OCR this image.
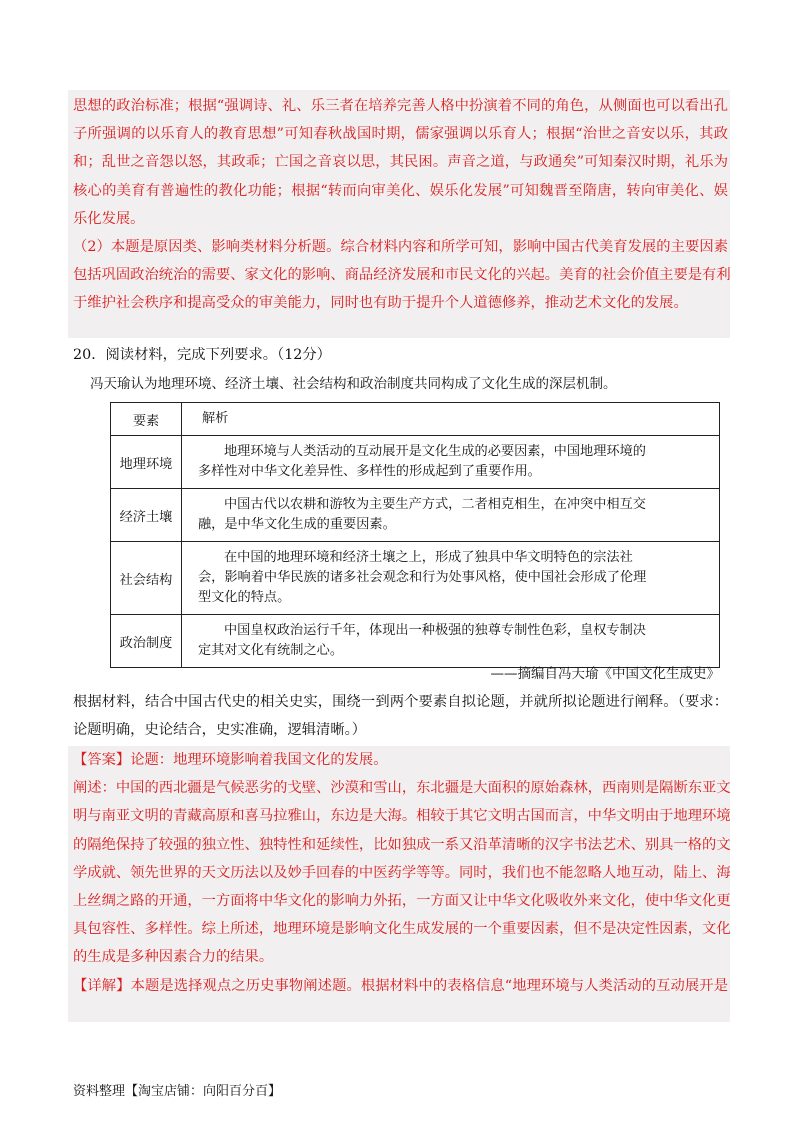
思想的政治标准；根据“强调诗、礼、乐三者在培养完善人格中扮演着不同的角色，从侧面也可以看出孔
子所强调的以乐育人的教育思想”可知春秋战国时期，儒家强调以乐育人；根据“治世之音安以乐，其政
和；乱世之音怨以怒，其政乖；亡国之音哀以思，其民困。声音之道，与政通矣”可知秦汉时期，礼乐为
核心的美育有普遍性的教化功能；根据“转而向审美化、娱乐化发展”可知魏晋至隋唐，转向审美化、娱
乐化发展。
（2）本题是原因类、影响类材料分析题。综合材料内容和所学可知，影响中国古代美育发展的主要因素
包括巩固政治统治的需要、家文化的影响、商品经济发展和市民文化的兴起。美育的社会价值主要是有利
于维护社会秩序和提高受众的审美能力，同时也有助于提升个人道德修养，推动艺术文化的发展。
20．阅读材料，完成下列要求。（12分）
冯天瑜认为地理环境、经济土壤、社会结构和政治制度共同构成了文化生成的深层机制。
要素	解析
地理环境	地理环境与人类活动的互动展开是文化生成的必要因素，中国地理环境的
多样性对中华文化差异性、多样性的形成起到了重要作用。
经济土壤	中国古代以农耕和游牧为主要生产方式，二者相克相生，在冲突中相互交
融，是中华文化生成的重要因素。
社会结构	在中国的地理环境和经济土壤之上，形成了独具中华文明特色的宗法社
会，影响着中华民族的诸多社会观念和行为处事风格，使中国社会形成了伦理
型文化的特点。
政治制度	中国皇权政治运行千年，体现出一种极强的独尊专制性色彩，皇权专制决
定其对文化有统制之心。
——摘编自冯天瑜《中国文化生成史》
根据材料，结合中国古代史的相关史实，围绕一到两个要素自拟论题，并就所拟论题进行阐释。（要求：
论题明确，史论结合，史实准确，逻辑清晰。）
【答案】论题：地理环境影响着我国文化的发展。
阐述：中国的西北疆是气候恶劣的戈壁、沙漠和雪山，东北疆是大面积的原始森林，西南则是隔断东亚文
明与南亚文明的青藏高原和喜马拉雅山，东边是大海。相较于其它文明古国而言，中华文明由于地理环境
的隔绝保持了较强的独立性、独特性和延续性，比如独成一系又沿革清晰的汉字书法艺术、别具一格的文
学成就、领先世界的天文历法以及妙手回春的中医药学等等。同时，我们也不能忽略人地互动，陆上、海
上丝绸之路的开通，一方面将中华文化的影响力外拓，一方面又让中华文化吸收外来文化，使中华文化更
具包容性、多样性。综上所述，地理环境是影响文化生成发展的一个重要因素，但不是决定性因素，文化
的生成是多种因素合力的结果。
【详解】本题是选择观点之历史事物阐述题。根据材料中的表格信息“地理环境与人类活动的互动展开是
资料整理【淘宝店铺：向阳百分百】
